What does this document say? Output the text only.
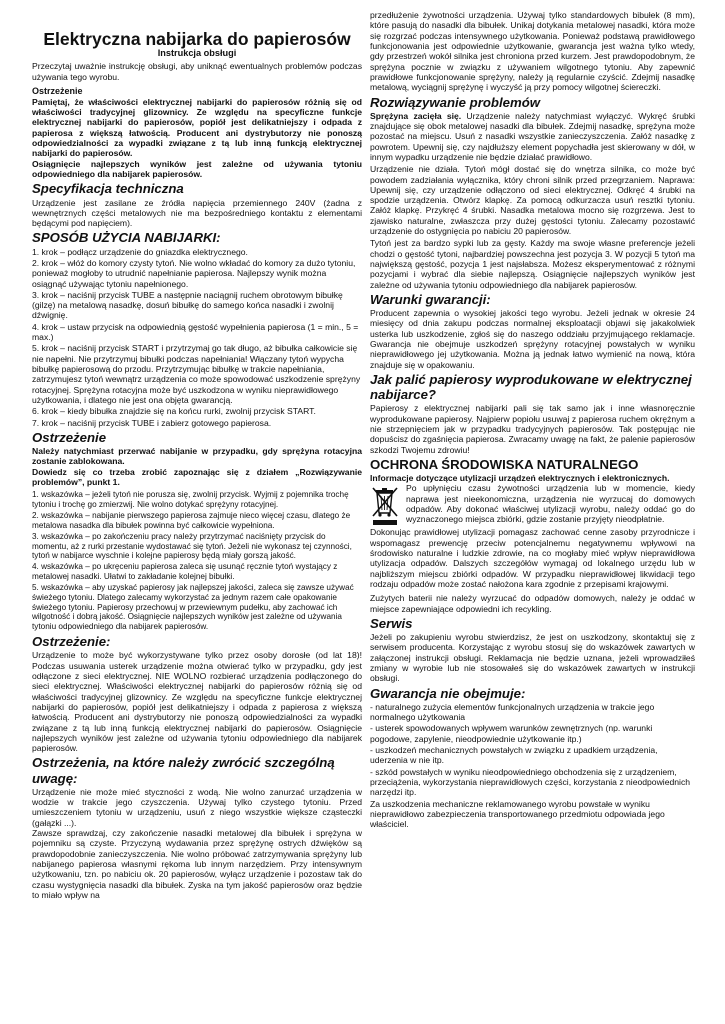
Elektryczna nabijarka do papierosów
Instrukcja obsługi

Przeczytaj uważnie instrukcję obsługi, aby uniknąć ewentualnych problemów podczas używania tego wyrobu.

Ostrzeżenie

Pamiętaj, że właściwości elektrycznej nabijarki do papierosów różnią się od właściwości tradycyjnej glizownicy. Ze względu na specyficzne funkcje elektrycznej nabijarki do papierosów, popiół jest delikatniejszy i odpada z papierosa z większą łatwością. Producent ani dystrybutorzy nie ponoszą odpowiedzialności za wypadki związane z tą lub inną funkcją elektrycznej nabijarki do papierosów.
Osiągnięcie najlepszych wyników jest zależne od używania tytoniu odpowiedniego dla nabijarek papierosów.

Specyfikacja techniczna

Urządzenie jest zasilane ze źródła napięcia przemiennego 240V (żadna z wewnętrznych części metalowych nie ma bezpośredniego kontaktu z elementami będącymi pod napięciem).

SPOSÓB UŻYCIA NABIJARKI:
1. krok – podłącz urządzenie do gniazdka elektrycznego.
2. krok – włóż do komory czysty tytoń. Nie wolno wkładać do komory za dużo tytoniu, ponieważ mogłoby to utrudnić napełnianie papierosa. Najlepszy wynik można osiągnąć używając tytoniu napełnionego.
3. krok – naciśnij przycisk TUBE a następnie naciągnij ruchem obrotowym bibułkę (gilzę) na metalową nasadkę, dosuń bibułkę do samego końca nasadki i zwolnij dźwignię.
4. krok – ustaw przycisk na odpowiednią gęstość wypełnienia papierosa (1 = min., 5 = max.)
5. krok – naciśnij przycisk START i przytrzymaj go tak długo, aż bibułka całkowicie się nie napełni. Nie przytrzymuj bibułki podczas napełniania! Włączany tytoń wypycha bibułkę papierosową do przodu. Przytrzymując bibułkę w trakcie napełniania, zatrzymujesz tytoń wewnątrz urządzenia co może spowodować uszkodzenie sprężyny rotacyjnej. Sprężyna rotacyjna może być uszkodzona w wyniku nieprawidłowego użytkowania, i dlatego nie jest ona objęta gwarancją.
6. krok – kiedy bibułka znajdzie się na końcu rurki, zwolnij przycisk START.
7. krok – naciśnij przycisk TUBE i zabierz gotowego papierosa.
Ostrzeżenie

Należy natychmiast przerwać nabijanie w przypadku, gdy sprężyna rotacyjna zostanie zablokowana.
Dowiedz się co trzeba zrobić zapoznając się z działem „Rozwiązywanie problemów”, punkt 1.

1. wskazówka – jeżeli tytoń nie porusza się, zwolnij przycisk. Wyjmij z pojemnika trochę tytoniu i trochę go zmierzwij. Nie wolno dotykać sprężyny rotacyjnej.
2. wskazówka – nabijanie pierwszego papierosa zajmuje nieco więcej czasu, dlatego że metalowa nasadka dla bibułek powinna być całkowicie wypełniona.
3. wskazówka – po zakończeniu pracy należy przytrzymać naciśnięty przycisk do momentu, aż z rurki przestanie wydostawać się tytoń. Jeżeli nie wykonasz tej czynności, tytoń w nabijarce wyschnie i kolejne papierosy będą miały gorszą jakość.
4. wskazówka – po ukręceniu papierosa zaleca się usunąć ręcznie tytoń wystający z metalowej nasadki. Ułatwi to zakładanie kolejnej bibułki.
5. wskazówka – aby uzyskać papierosy jak najlepszej jakości, zaleca się zawsze używać świeżego tytoniu. Dlatego zalecamy wykorzystać za jednym razem całe opakowanie świeżego tytoniu. Papierosy przechowuj w przewiewnym pudełku, aby zachować ich wilgotność i dobrą jakość. Osiągnięcie najlepszych wyników jest zależne od używania tytoniu odpowiedniego dla nabijarek papierosów.
Ostrzeżenie:

Urządzenie to może być wykorzystywane tylko przez osoby dorosłe (od lat 18)! Podczas usuwania usterek urządzenie można otwierać tylko w przypadku, gdy jest odłączone z sieci elektrycznej. NIE WOLNO rozbierać urządzenia podłączonego do sieci elektrycznej. Właściwości elektrycznej nabijarki do papierosów różnią się od właściwości tradycyjnej glizownicy. Ze względu na specyficzne funkcje elektrycznej nabijarki do papierosów, popiół jest delikatniejszy i odpada z papierosa z większą łatwością. Producent ani dystrybutorzy nie ponoszą odpowiedzialności za wypadki związane z tą lub inną funkcją elektrycznej nabijarki do papierosów. Osiągnięcie najlepszych wyników jest zależne od używania tytoniu odpowiedniego dla nabijarek papierosów.

Ostrzeżenia, na które należy zwrócić szczególną uwagę:

Urządzenie nie może mieć styczności z wodą. Nie wolno zanurzać urządzenia w wodzie w trakcie jego czyszczenia. Używaj tylko czystego tytoniu. Przed umieszczeniem tytoniu w urządzeniu, usuń z niego wszystkie większe cząsteczki (gałązki ...).
Zawsze sprawdzaj, czy zakończenie nasadki metalowej dla bibułek i sprężyna w pojemniku są czyste. Przyczyną wydawania przez sprężynę ostrych dźwięków są prawdopodobnie zanieczyszczenia. Nie wolno próbować zatrzymywania sprężyny lub nabijanego papierosa własnymi rękoma lub innym narzędziem. Przy intensywnym użytkowaniu, tzn. po nabiciu ok. 20 papierosów, wyłącz urządzenie i pozostaw tak do czasu wystygnięcia nasadki dla bibułek. Zyska na tym jakość papierosów oraz będzie to miało wpływ na

przedłużenie żywotności urządzenia. Używaj tylko standardowych bibułek (8 mm), które pasują do nasadki dla bibułek. Unikaj dotykania metalowej nasadki, która może się rozgrzać podczas intensywnego użytkowania. Ponieważ podstawą prawidłowego funkcjonowania jest odpowiednie użytkowanie, gwarancja jest ważna tylko wtedy, gdy przestrzeń wokół silnika jest chroniona przed kurzem. Jest prawdopodobnym, że sprężyna pocznie w związku z używaniem wilgotnego tytoniu. Aby zapewnić prawidłowe funkcjonowanie sprężyny, należy ją regularnie czyścić. Zdejmij nasadkę metalową, wyciągnij sprężynę i wyczyść ją przy pomocy wilgotnej ściereczki.

Rozwiązywanie problemów

Sprężyna zacięła się. Urządzenie należy natychmiast wyłączyć. Wykręć śrubki znajdujące się obok metalowej nasadki dla bibułek. Zdejmij nasadkę, sprężyna może pozostać na miejscu. Usuń z nasadki wszystkie zanieczyszczenia. Załóż nasadkę z powrotem. Upewnij się, czy najdłuższy element popychadła jest skierowany w dół, w innym wypadku urządzenie nie będzie działać prawidłowo.

Urządzenie nie działa. Tytoń mógł dostać się do wnętrza silnika, co może być powodem zadziałania wyłącznika, który chroni silnik przed przegrzaniem. Naprawa: Upewnij się, czy urządzenie odłączono od sieci elektrycznej. Odkręć 4 śrubki na spodzie urządzenia. Otwórz klapkę. Za pomocą odkurzacza usuń resztki tytoniu. Załóż klapkę. Przykręć 4 śrubki. Nasadka metalowa mocno się rozgrzewa. Jest to zjawisko naturalne, zwłaszcza przy dużej gęstości tytoniu. Zalecamy pozostawić urządzenie do ostygnięcia po nabiciu 20 papierosów.

Tytoń jest za bardzo sypki lub za gęsty. Każdy ma swoje własne preferencje jeżeli chodzi o gęstość tytoni, najbardziej powszechna jest pozycja 3. W pozycji 5 tytoń ma największą gęstość, pozycja 1 jest najsłabsza. Możesz eksperymentować z różnymi pozycjami i wybrać dla siebie najlepszą. Osiągnięcie najlepszych wyników jest zależne od używania tytoniu odpowiedniego dla nabijarek papierosów.

Warunki gwarancji:

Producent zapewnia o wysokiej jakości tego wyrobu. Jeżeli jednak w okresie 24 miesięcy od dnia zakupu podczas normalnej eksploatacji objawi się jakakolwiek usterka lub uszkodzenie, zgłoś się do naszego oddziału przyjmującego reklamacje. Gwarancja nie obejmuje uszkodzeń sprężyny rotacyjnej powstałych w wyniku nieprawidłowego jej użytkowania. Można ją jednak łatwo wymienić na nową, która znajduje się w opakowaniu.

Jak palić papierosy wyprodukowane w elektrycznej nabijarce?

Papierosy z elektrycznej nabijarki pali się tak samo jak i inne własnoręcznie wyprodukowane papierosy. Najpierw popiołu usuwaj z papierosa ruchem okrężnym a nie strzepnięciem jak w przypadku tradycyjnych papierosów. Tak postępując nie dopuścisz do zgaśnięcia papierosa. Zwracamy uwagę na fakt, że palenie papierosów szkodzi Twojemu zdrowiu!

OCHRONA ŚRODOWISKA NATURALNEGO
Informacje dotyczące utylizacji urządzeń elektrycznych i elektronicznych.

Po upłynięciu czasu żywotności urządzenia lub w momencie, kiedy naprawa jest nieekonomiczna, urządzenia nie wyrzucaj do domowych odpadów. Aby dokonać właściwej utylizacji wyrobu, należy oddać go do wyznaczonego miejsca zbiórki, gdzie zostanie przyjęty nieodpłatnie.

Dokonując prawidłowej utylizacji pomagasz zachować cenne zasoby przyrodnicze i wspomagasz prewencję przeciw potencjalnemu negatywnemu wpływowi na środowisko naturalne i ludzkie zdrowie, na co mogłaby mieć wpływ nieprawidłowa utylizacja odpadów. Dalszych szczegółów wymagaj od lokalnego urzędu lub w najbliższym miejscu zbiórki odpadów. W przypadku nieprawidłowej likwidacji tego rodzaju odpadów może zostać nałożona kara zgodnie z przepisami krajowymi.

Zużytych baterii nie należy wyrzucać do odpadów domowych, należy je oddać w miejsce zapewniające odpowiedni ich recykling.

Serwis

Jeżeli po zakupieniu wyrobu stwierdzisz, że jest on uszkodzony, skontaktuj się z serwisem producenta. Korzystając z wyrobu stosuj się do wskazówek zawartych w załączonej instrukcji obsługi. Reklamacja nie będzie uznana, jeżeli wprowadziłeś zmiany w wyrobie lub nie stosowałeś się do wskazówek zawartych w instrukcji obsługi.

Gwarancja nie obejmuje:
- naturalnego zużycia elementów funkcjonalnych urządzenia w trakcie jego normalnego użytkowania
- usterek spowodowanych wpływem warunków zewnętrznych (np. warunki pogodowe, zapylenie, nieodpowiednie użytkowanie itp.)
- uszkodzeń mechanicznych powstałych w związku z upadkiem urządzenia, uderzenia w nie itp.
- szkód powstałych w wyniku nieodpowiedniego obchodzenia się z urządzeniem, przeciążenia, wykorzystania nieprawidłowych części, korzystania z nieodpowiednich narzędzi itp.
Za uszkodzenia mechaniczne reklamowanego wyrobu powstałe w wyniku nieprawidłowo zabezpieczenia transportowanego przedmiotu odpowiada jego właściciel.
